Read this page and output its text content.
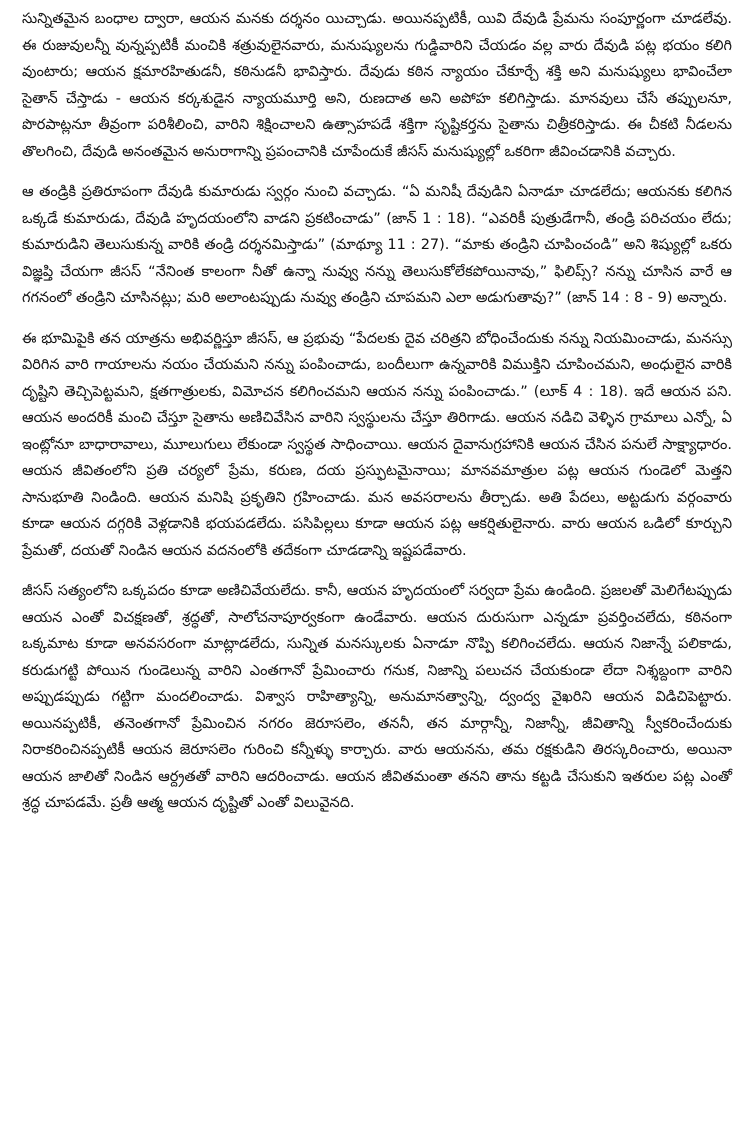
సున్నితమైన బంధాల ద్వారా, ఆయన మనకు దర్శనం యిచ్చాడు. అయినప్పటికీ, యివి దేవుడి ప్రేమను సంపూర్ణంగా చూడలేవు. ఈ రుజువులన్నీ వున్నప్పటికీ మంచికి శత్రువులైనవారు, మనుష్యులను గుడ్డివారిని చేయడం వల్ల వారు దేవుడి పట్ల భయం కలిగి వుంటారు; ఆయన క్షమారహితుడనీ, కఠినుడనీ భావిస్తారు. దేవుడు కఠిన న్యాయం చేకూర్చే శక్తి అని మనుష్యులు భావించేలా సైతాన్ చేస్తాడు - ఆయన కర్కశుడైన న్యాయమూర్తి అని, రుణదాత అని అపోహ కలిగిస్తాడు. మానవులు చేసే తప్పులనూ, పొరపాట్లనూ తీవ్రంగా పరిశీలించి, వారిని శిక్షించాలని ఉత్సాహపడే శక్తిగా సృష్టికర్తను సైతాను చిత్రీకరిస్తాడు. ఈ చీకటి నీడలను తొలగించి, దేవుడి అనంతమైన అనురాగాన్ని ప్రపంచానికి చూపేందుకే జీసస్ మనుష్యుల్లో ఒకరిగా జీవించడానికి వచ్చారు.

ఆ తండ్రికి ప్రతిరూపంగా దేవుడి కుమారుడు స్వర్గం నుంచి వచ్చాడు. “ఏ మనిషీ దేవుడిని ఏనాడూ చూడలేదు; ఆయనకు కలిగిన ఒక్కడే కుమారుడు, దేవుడి హృదయంలోని వాడని ప్రకటించాడు” (జాన్ 1 : 18). “ఎవరికీ పుత్రుడేగానీ, తండ్రి పరిచయం లేదు; కుమారుడిని తెలుసుకున్న వారికి తండ్రి దర్శనమిస్తాడు” (మాథ్యూ 11 : 27). “మాకు తండ్రిని చూపించండి” అని శిష్యుల్లో ఒకరు విజ్ఞప్తి చేయగా జీసస్ “నేనింత కాలంగా నీతో ఉన్నా నువ్వు నన్ను తెలుసుకోలేకపోయినావు,” ఫిలిప్స్? నన్ను చూసిన వారే ఆ గగనంలో తండ్రిని చూసినట్లు; మరి అలాంటప్పుడు నువ్వు తండ్రిని చూపమని ఎలా అడుగుతావు?” (జాన్ 14 : 8 - 9) అన్నారు.

ఈ భూమిపైకి తన యాత్రను అభివర్ణిస్తూ జీసస్, ఆ ప్రభువు “పేదలకు దైవ చరిత్రని బోధించేందుకు నన్ను నియమించాడు, మనస్సు విరిగిన వారి గాయాలను నయం చేయమని నన్ను పంపించాడు, బందీలుగా ఉన్నవారికి విముక్తిని చూపించమని, అంధులైన వారికి దృష్టిని తెచ్చిపెట్టమని, క్షతగాత్రులకు, విమోచన కలిగించమని ఆయన నన్ను పంపించాడు.” (లూక్ 4 : 18). ఇదే ఆయన పని. ఆయన అందరికీ మంచి చేస్తూ సైతాను అణిచివేసిన వారిని స్వస్థులను చేస్తూ తిరిగాడు. ఆయన నడిచి వెళ్ళిన గ్రామాలు ఎన్నో, ఏ ఇంట్లోనూ బాధారావాలు, మూలుగులు లేకుండా స్వస్థత సాధించాయి. ఆయన దైవానుగ్రహానికి ఆయన చేసిన పనులే సాక్ష్యాధారం. ఆయన జీవితంలోని ప్రతి చర్యలో ప్రేమ, కరుణ, దయ ప్రస్ఫుటమైనాయి; మానవమాత్రుల పట్ల ఆయన గుండెలో మెత్తని సానుభూతి నిండింది. ఆయన మనిషి ప్రకృతిని గ్రహించాడు. మన అవసరాలను తీర్చాడు. అతి పేదలు, అట్టడుగు వర్గంవారు కూడా ఆయన దగ్గరికి వెళ్లడానికి భయపడలేదు. పసిపిల్లలు కూడా ఆయన పట్ల ఆకర్షితులైనారు. వారు ఆయన ఒడిలో కూర్చుని ప్రేమతో, దయతో నిండిన ఆయన వదనంలోకి తదేకంగా చూడడాన్ని ఇష్టపడేవారు.

జీసస్ సత్యంలోని ఒక్కపదం కూడా అణిచివేయలేదు. కానీ, ఆయన హృదయంలో సర్వదా ప్రేమ ఉండింది. ప్రజలతో మెలిగేటప్పుడు ఆయన ఎంతో విచక్షణతో, శ్రద్ధతో, సాలోచనాపూర్వకంగా ఉండేవారు. ఆయన దురుసుగా ఎన్నడూ ప్రవర్తించలేదు, కఠినంగా ఒక్కమాట కూడా అనవసరంగా మాట్లాడలేదు, సున్నిత మనస్కులకు ఏనాడూ నొప్పి కలిగించలేదు. ఆయన నిజాన్నే పలికాడు, కరుడుగట్టి పోయిన గుండెలున్న వారిని ఎంతగానో ప్రేమించారు గనుక, నిజాన్ని పలుచన చేయకుండా లేదా నిశ్శబ్దంగా వారిని అప్పుడప్పుడు గట్టిగా మందలించాడు. విశ్వాస రాహిత్యాన్ని, అనుమానత్వాన్ని, ద్వంద్వ వైఖరిని ఆయన విడిచిపెట్టారు. అయినప్పటికీ, తనెంతగానో ప్రేమించిన నగరం జెరూసలెం, తననీ, తన మార్గాన్నీ, నిజాన్నీ, జీవితాన్ని స్వీకరించేందుకు నిరాకరించినప్పటికీ ఆయన జెరూసలెం గురించి కన్నీళ్ళు కార్చారు. వారు ఆయనను, తమ రక్షకుడిని తిరస్కరించారు, అయినా ఆయన జాలితో నిండిన ఆర్ద్రతతో వారిని ఆదరించాడు. ఆయన జీవితమంతా తనని తాను కట్టడి చేసుకుని ఇతరుల పట్ల ఎంతో శ్రద్ధ చూపడమే. ప్రతీ ఆత్మ ఆయన దృష్టితో ఎంతో విలువైనది.
